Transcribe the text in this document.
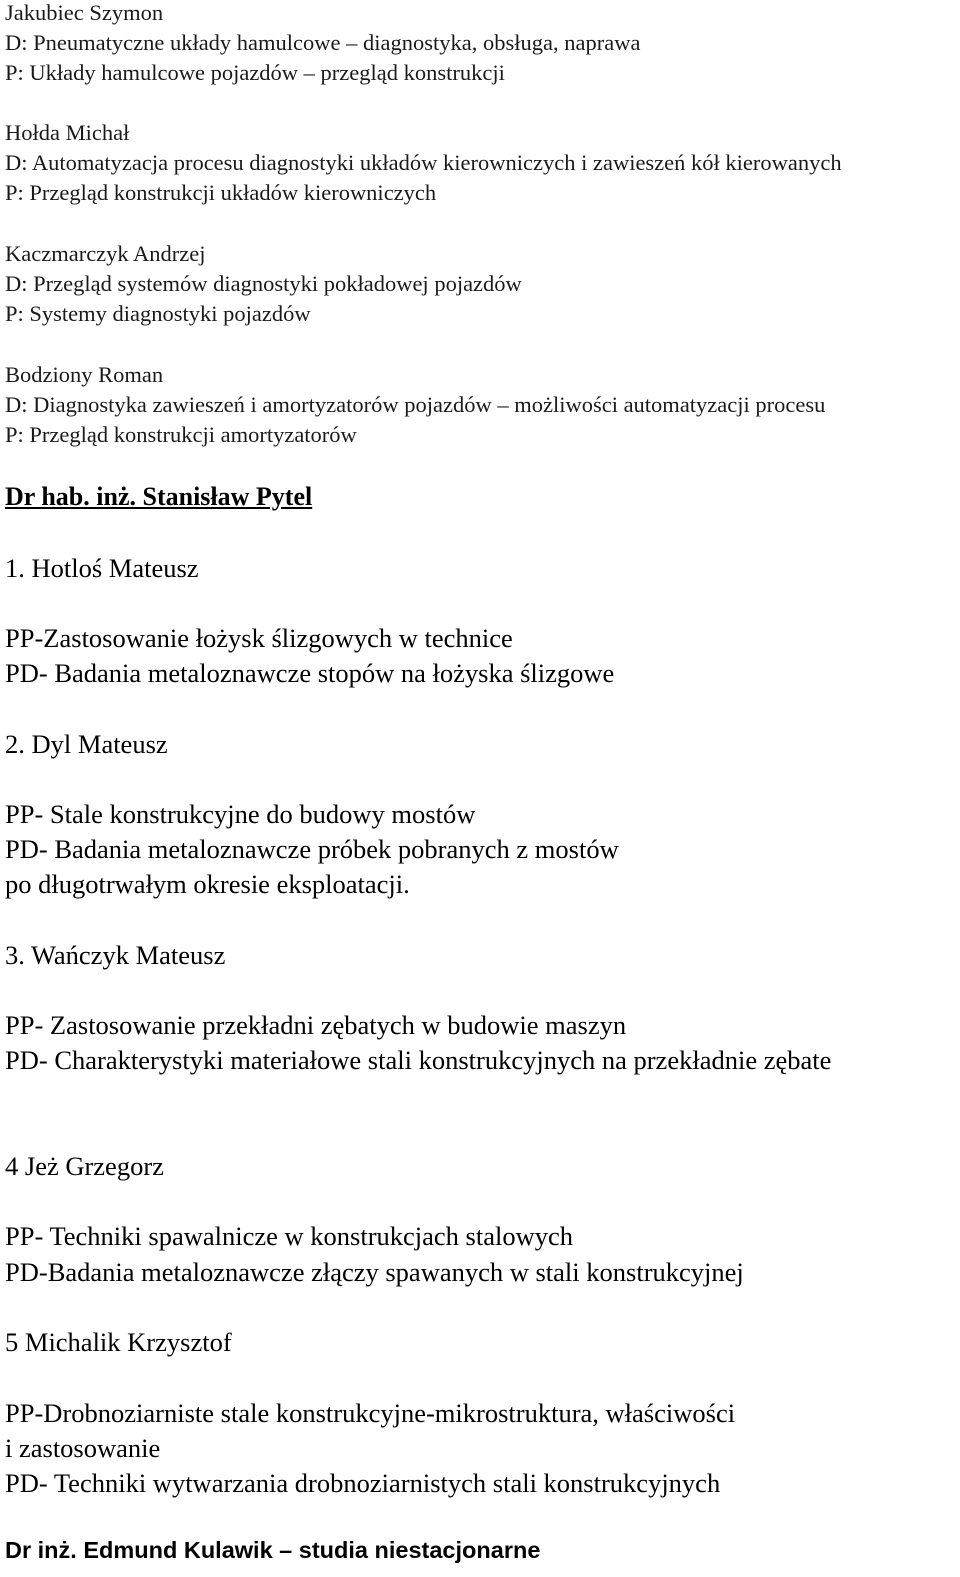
Jakubiec Szymon
D: Pneumatyczne układy hamulcowe – diagnostyka, obsługa, naprawa
P: Układy hamulcowe pojazdów – przegląd konstrukcji
Hołda Michał
D: Automatyzacja procesu diagnostyki układów kierowniczych i zawieszeń kół kierowanych
P: Przegląd konstrukcji układów kierowniczych
Kaczmarczyk Andrzej
D: Przegląd systemów diagnostyki pokładowej pojazdów
P: Systemy diagnostyki pojazdów
Bodziony Roman
D: Diagnostyka zawieszeń i amortyzatorów pojazdów – możliwości automatyzacji procesu
P: Przegląd konstrukcji amortyzatorów
Dr hab. inż. Stanisław Pytel
1. Hotloś Mateusz
PP-Zastosowanie łożysk ślizgowych w technice
PD- Badania metaloznawcze stopów na łożyska ślizgowe
2. Dyl Mateusz
PP- Stale konstrukcyjne do budowy mostów
PD- Badania metaloznawcze próbek pobranych z mostów
po długotrwałym okresie eksploatacji.
3. Wańczyk Mateusz
PP- Zastosowanie przekładni zębatych w budowie maszyn
PD- Charakterystyki materiałowe stali konstrukcyjnych na przekładnie zębate
4 Jeż Grzegorz
PP- Techniki spawalnicze w konstrukcjach stalowych
PD-Badania metaloznawcze złączy spawanych w stali konstrukcyjnej
5 Michalik Krzysztof
PP-Drobnoziarniste stale konstrukcyjne-mikrostruktura, właściwości
i zastosowanie
PD- Techniki wytwarzania drobnoziarnistych stali konstrukcyjnych
Dr inż. Edmund Kulawik – studia niestacjonarne
